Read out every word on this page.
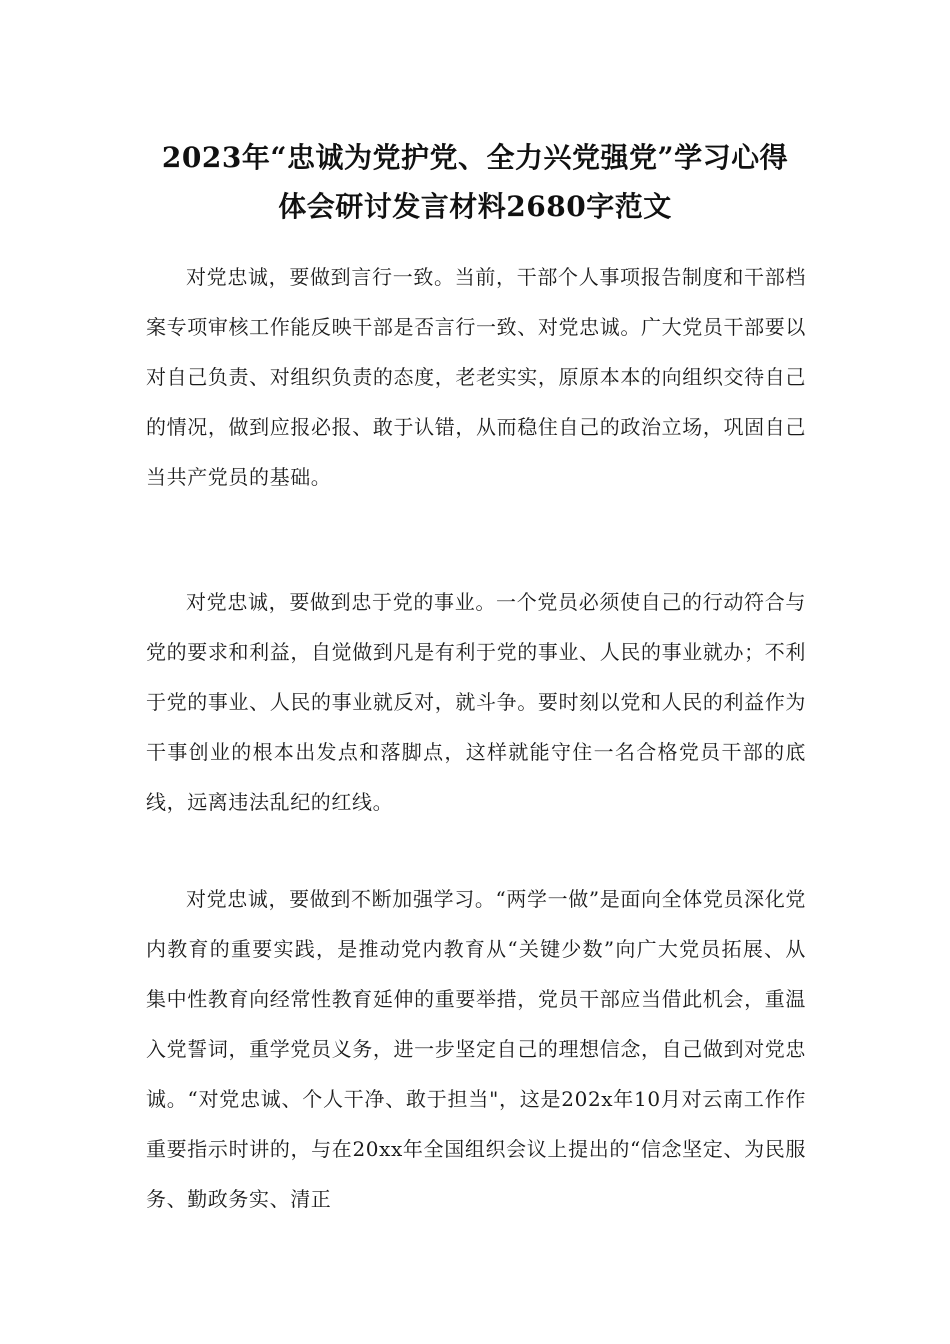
2023年“忠诚为党护党、全力兴党强党”学习心得
体会研讨发言材料2680字范文

对党忠诚，要做到言行一致。当前，干部个人事项报告制度和干部档案专项审核工作能反映干部是否言行一致、对党忠诚。广大党员干部要以对自己负责、对组织负责的态度，老老实实，原原本本的向组织交待自己的情况，做到应报必报、敢于认错，从而稳住自己的政治立场，巩固自己当共产党员的基础。

对党忠诚，要做到忠于党的事业。一个党员必须使自己的行动符合与党的要求和利益，自觉做到凡是有利于党的事业、人民的事业就办；不利于党的事业、人民的事业就反对，就斗争。要时刻以党和人民的利益作为干事创业的根本出发点和落脚点，这样就能守住一名合格党员干部的底线，远离违法乱纪的红线。

对党忠诚，要做到不断加强学习。“两学一做”是面向全体党员深化党内教育的重要实践，是推动党内教育从“关键少数”向广大党员拓展、从集中性教育向经常性教育延伸的重要举措，党员干部应当借此机会，重温入党誓词，重学党员义务，进一步坚定自己的理想信念，自己做到对党忠诚。“对党忠诚、个人干净、敢于担当"，这是202x年10月对云南工作作重要指示时讲的，与在20xx年全国组织会议上提出的“信念坚定、为民服务、勤政务实、清正
